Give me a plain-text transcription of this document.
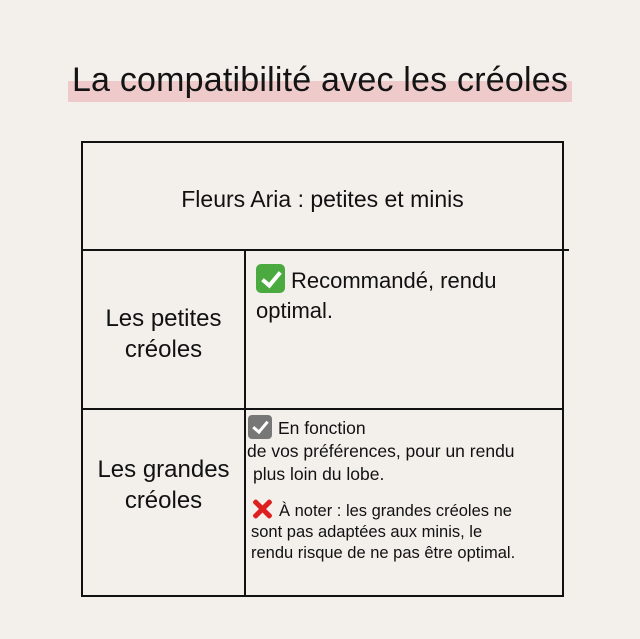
La compatibilité avec les créoles
Fleurs Aria : petites et minis
Les petites
créoles
Recommandé, rendu
optimal.
Les grandes
créoles
En fonction
de vos préférences, pour un rendu
plus loin du lobe.
À noter : les grandes créoles ne
sont pas adaptées aux minis, le
rendu risque de ne pas être optimal.
